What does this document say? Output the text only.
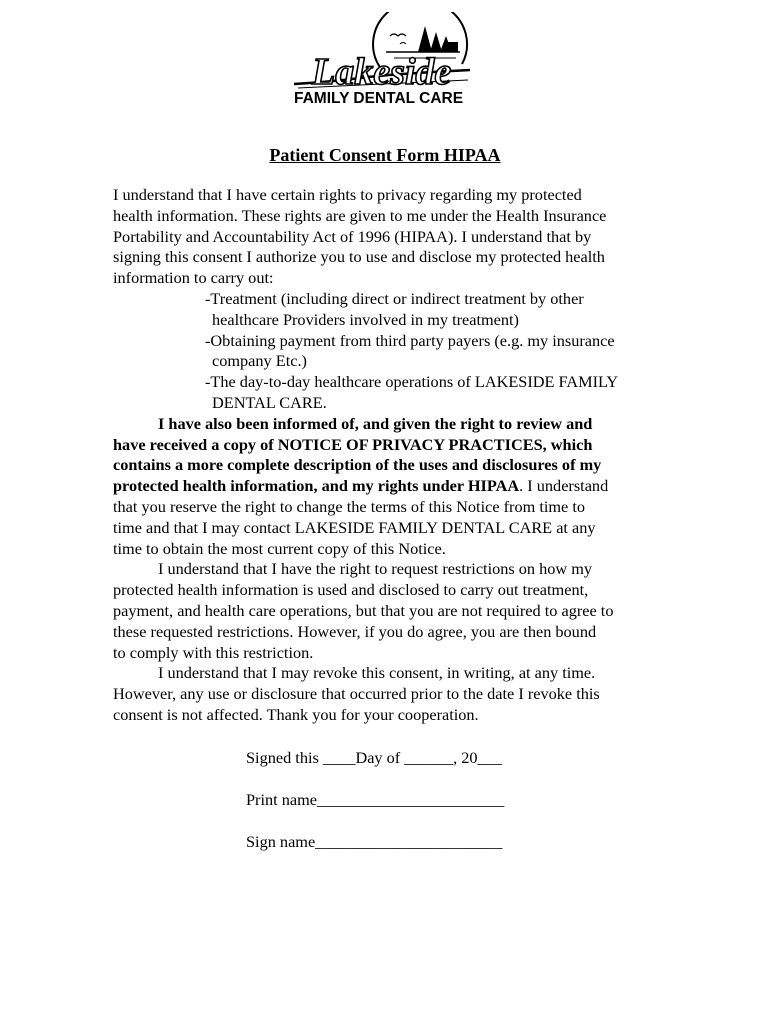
Lakeside
FAMILY DENTAL CARE
Patient Consent Form HIPAA
I understand that I have certain rights to privacy regarding my protected
health information. These rights are given to me under the Health Insurance
Portability and Accountability Act of 1996 (HIPAA). I understand that by
signing this consent I authorize you to use and disclose my protected health
information to carry out:
-Treatment (including direct or indirect treatment by other
healthcare Providers involved in my treatment)
-Obtaining payment from third party payers (e.g. my insurance
company Etc.)
-The day-to-day healthcare operations of LAKESIDE FAMILY
DENTAL CARE.
I have also been informed of, and given the right to review and
have received a copy of NOTICE OF PRIVACY PRACTICES, which
contains a more complete description of the uses and disclosures of my
protected health information, and my rights under HIPAA. I understand
that you reserve the right to change the terms of this Notice from time to
time and that I may contact LAKESIDE FAMILY DENTAL CARE at any
time to obtain the most current copy of this Notice.
I understand that I have the right to request restrictions on how my
protected health information is used and disclosed to carry out treatment,
payment, and health care operations, but that you are not required to agree to
these requested restrictions. However, if you do agree, you are then bound
to comply with this restriction.
I understand that I may revoke this consent, in writing, at any time.
However, any use or disclosure that occurred prior to the date I revoke this
consent is not affected. Thank you for your cooperation.
Signed this ____Day of ______, 20___
Print name_______________________
Sign name_______________________
